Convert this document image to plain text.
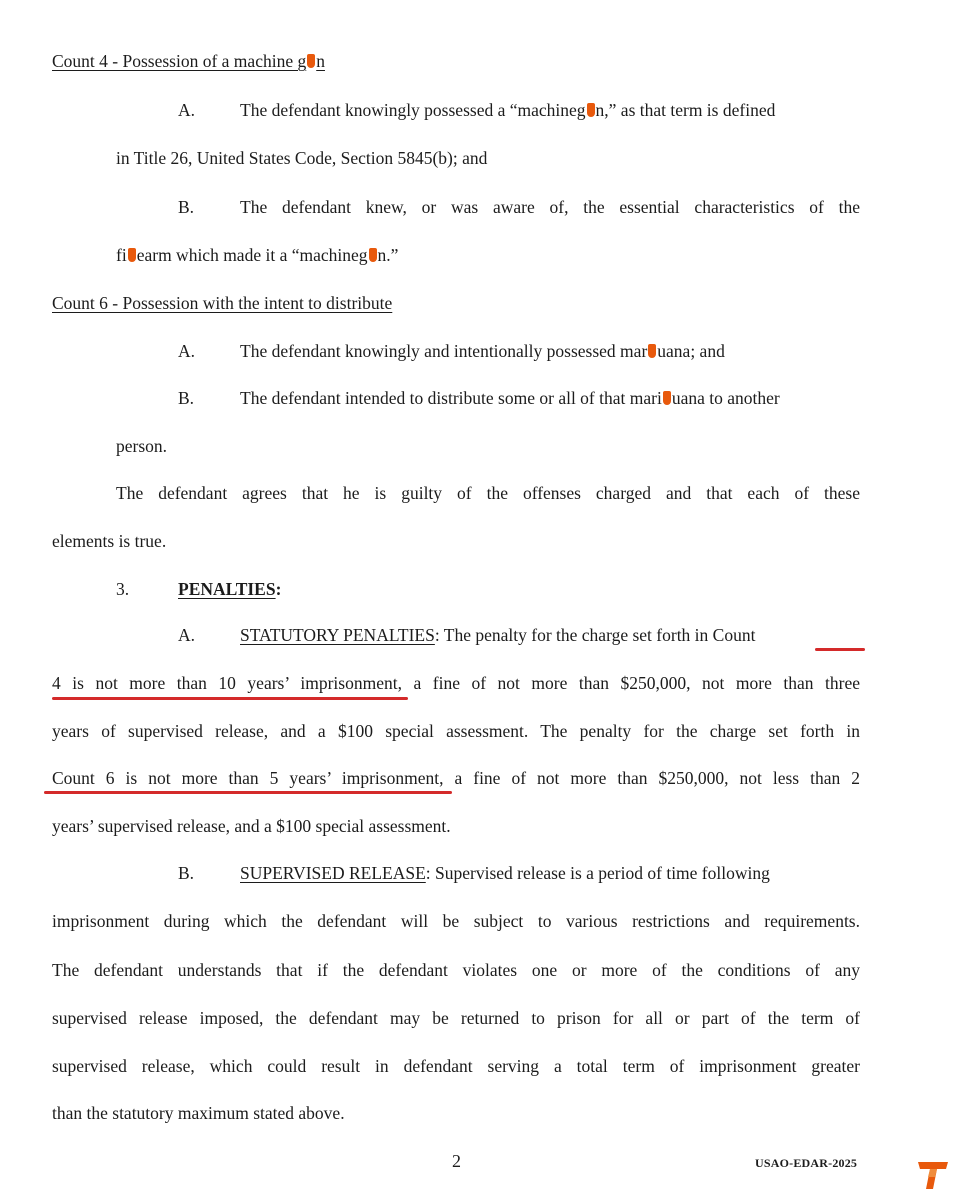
Count 4 - Possession of a machine g n
A.	The defendant knowingly possessed a “machineg n,” as that term is defined
in Title 26, United States Code, Section 5845(b); and
B.	The defendant knew, or was aware of, the essential characteristics of the
fi earm which made it a “machineg n.”
Count 6 - Possession with the intent to distribute
A.	The defendant knowingly and intentionally possessed mar uana; and
B.	The defendant intended to distribute some or all of that mari uana to another
person.
The defendant agrees that he is guilty of the offenses charged and that each of these
elements is true.
3.	PENALTIES:
A.	STATUTORY PENALTIES: The penalty for the charge set forth in Count
4 is not more than 10 years’ imprisonment, a fine of not more than $250,000, not more than three
years of supervised release, and a $100 special assessment. The penalty for the charge set forth in
Count 6 is not more than 5 years’ imprisonment, a fine of not more than $250,000, not less than 2
years’ supervised release, and a $100 special assessment.
B.	SUPERVISED RELEASE: Supervised release is a period of time following
imprisonment during which the defendant will be subject to various restrictions and requirements.
The defendant understands that if the defendant violates one or more of the conditions of any
supervised release imposed, the defendant may be returned to prison for all or part of the term of
supervised release, which could result in defendant serving a total term of imprisonment greater
than the statutory maximum stated above.
2	USAO-EDAR-2025
